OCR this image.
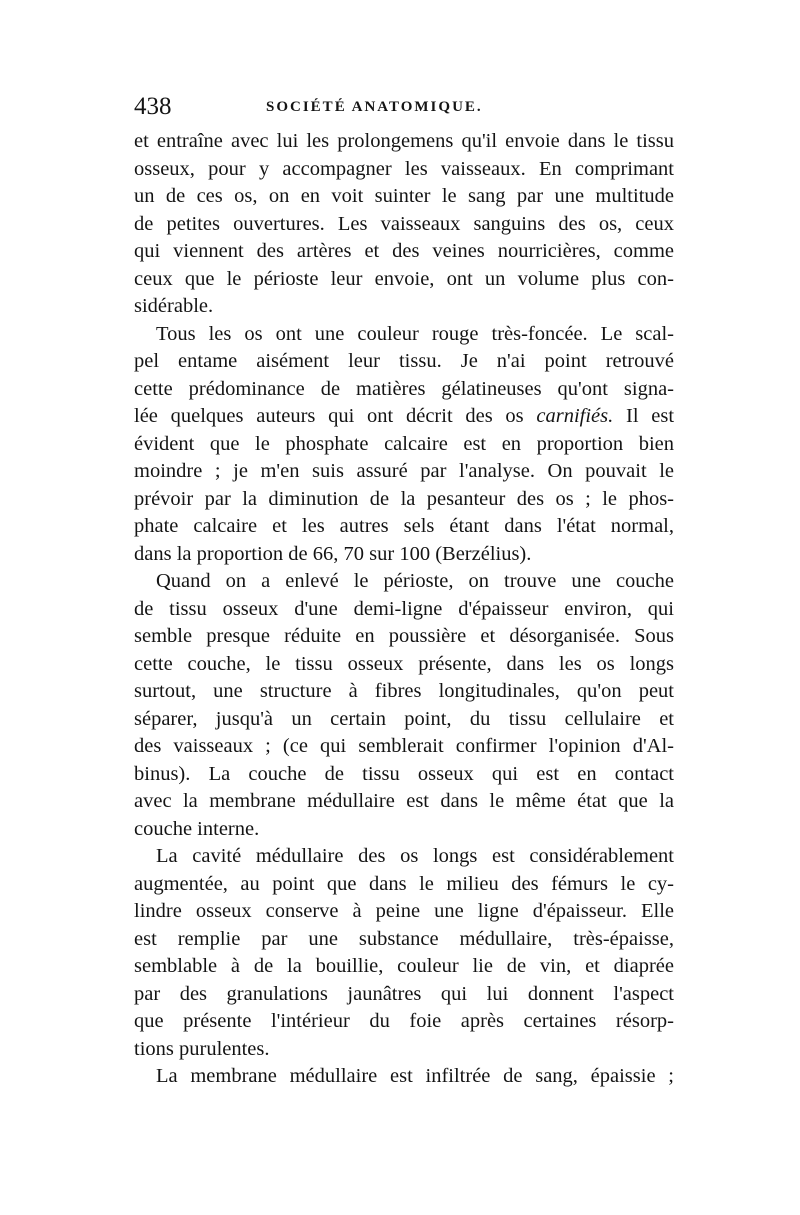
438	SOCIÉTÉ ANATOMIQUE.
et entraîne avec lui les prolongemens qu'il envoie dans le tissu
osseux, pour y accompagner les vaisseaux. En comprimant
un de ces os, on en voit suinter le sang par une multitude
de petites ouvertures. Les vaisseaux sanguins des os, ceux
qui viennent des artères et des veines nourricières, comme
ceux que le périoste leur envoie, ont un volume plus con-
sidérable.
Tous les os ont une couleur rouge très-foncée. Le scal-
pel entame aisément leur tissu. Je n'ai point retrouvé
cette prédominance de matières gélatineuses qu'ont signa-
lée quelques auteurs qui ont décrit des os carnifiés. Il est
évident que le phosphate calcaire est en proportion bien
moindre ; je m'en suis assuré par l'analyse. On pouvait le
prévoir par la diminution de la pesanteur des os ; le phos-
phate calcaire et les autres sels étant dans l'état normal,
dans la proportion de 66, 70 sur 100 (Berzélius).
Quand on a enlevé le périoste, on trouve une couche
de tissu osseux d'une demi-ligne d'épaisseur environ, qui
semble presque réduite en poussière et désorganisée. Sous
cette couche, le tissu osseux présente, dans les os longs
surtout, une structure à fibres longitudinales, qu'on peut
séparer, jusqu'à un certain point, du tissu cellulaire et
des vaisseaux ; (ce qui semblerait confirmer l'opinion d'Al-
binus). La couche de tissu osseux qui est en contact
avec la membrane médullaire est dans le même état que la
couche interne.
La cavité médullaire des os longs est considérablement
augmentée, au point que dans le milieu des fémurs le cy-
lindre osseux conserve à peine une ligne d'épaisseur. Elle
est remplie par une substance médullaire, très-épaisse,
semblable à de la bouillie, couleur lie de vin, et diaprée
par des granulations jaunâtres qui lui donnent l'aspect
que présente l'intérieur du foie après certaines résorp-
tions purulentes.
La membrane médullaire est infiltrée de sang, épaissie ;
